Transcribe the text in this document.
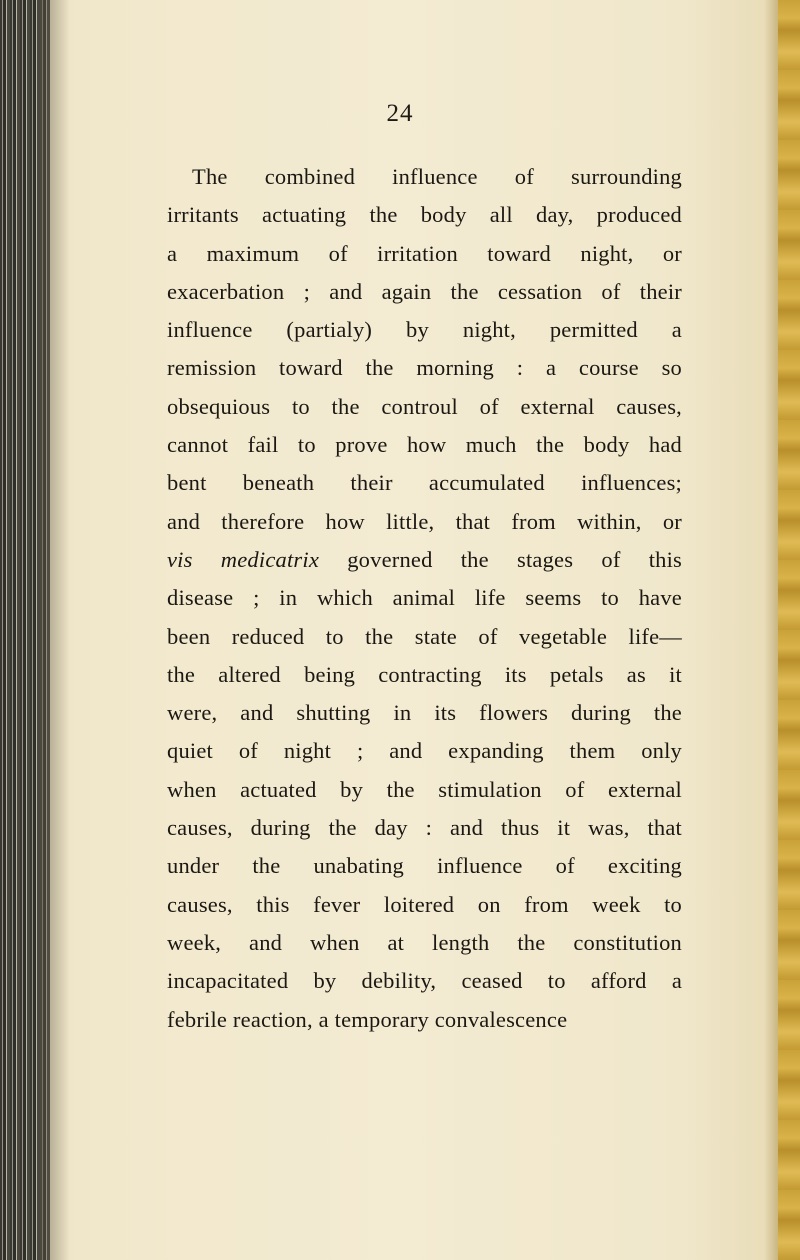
24
The combined influence of surrounding
irritants actuating the body all day, produced
a maximum of irritation toward night, or
exacerbation ; and again the cessation of their
influence (partialy) by night, permitted a
remission toward the morning : a course so
obsequious to the controul of external causes,
cannot fail to prove how much the body had
bent beneath their accumulated influences;
and therefore how little, that from within, or
vis medicatrix governed the stages of this
disease ; in which animal life seems to have
been reduced to the state of vegetable life—
the altered being contracting its petals as it
were, and shutting in its flowers during the
quiet of night ; and expanding them only
when actuated by the stimulation of external
causes, during the day : and thus it was, that
under the unabating influence of exciting
causes, this fever loitered on from week to
week, and when at length the constitution
incapacitated by debility, ceased to afford a
febrile reaction, a temporary convalescence
